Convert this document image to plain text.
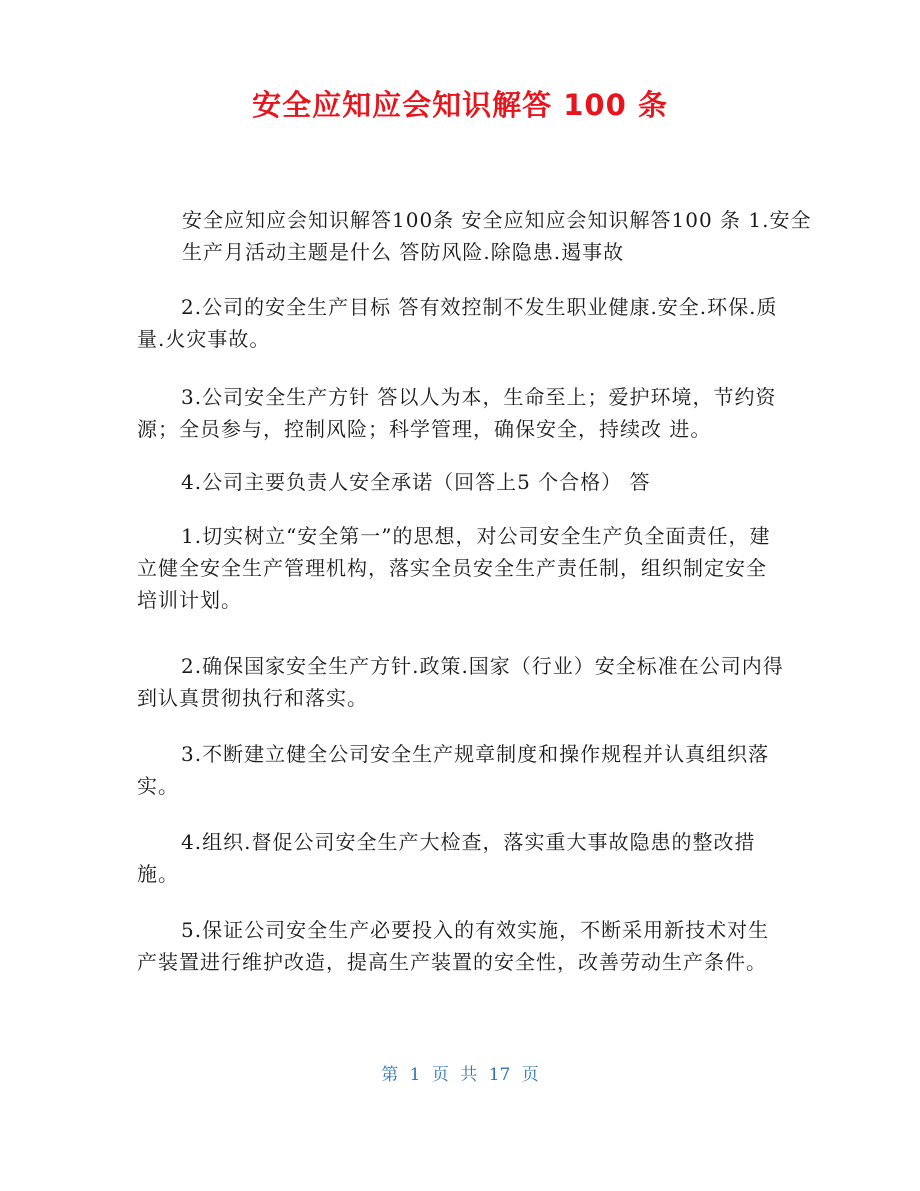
安全应知应会知识解答 100 条

安全应知应会知识解答100条 安全应知应会知识解答100 条 1.安全生产月活动主题是什么 答防风险.除隐患.遏事故

2.公司的安全生产目标 答有效控制不发生职业健康.安全.环保.质量.火灾事故。

3.公司安全生产方针 答以人为本，生命至上；爱护环境，节约资源；全员参与，控制风险；科学管理，确保安全，持续改 进。

4.公司主要负责人安全承诺（回答上5 个合格） 答

1.切实树立“安全第一”的思想，对公司安全生产负全面责任，建立健全安全生产管理机构，落实全员安全生产责任制，组织制定安全培训计划。

2.确保国家安全生产方针.政策.国家（行业）安全标准在公司内得到认真贯彻执行和落实。

3.不断建立健全公司安全生产规章制度和操作规程并认真组织落实。

4.组织.督促公司安全生产大检查，落实重大事故隐患的整改措施。

5.保证公司安全生产必要投入的有效实施，不断采用新技术对生产装置进行维护改造，提高生产装置的安全性，改善劳动生产条件。

第 1 页 共 17 页
